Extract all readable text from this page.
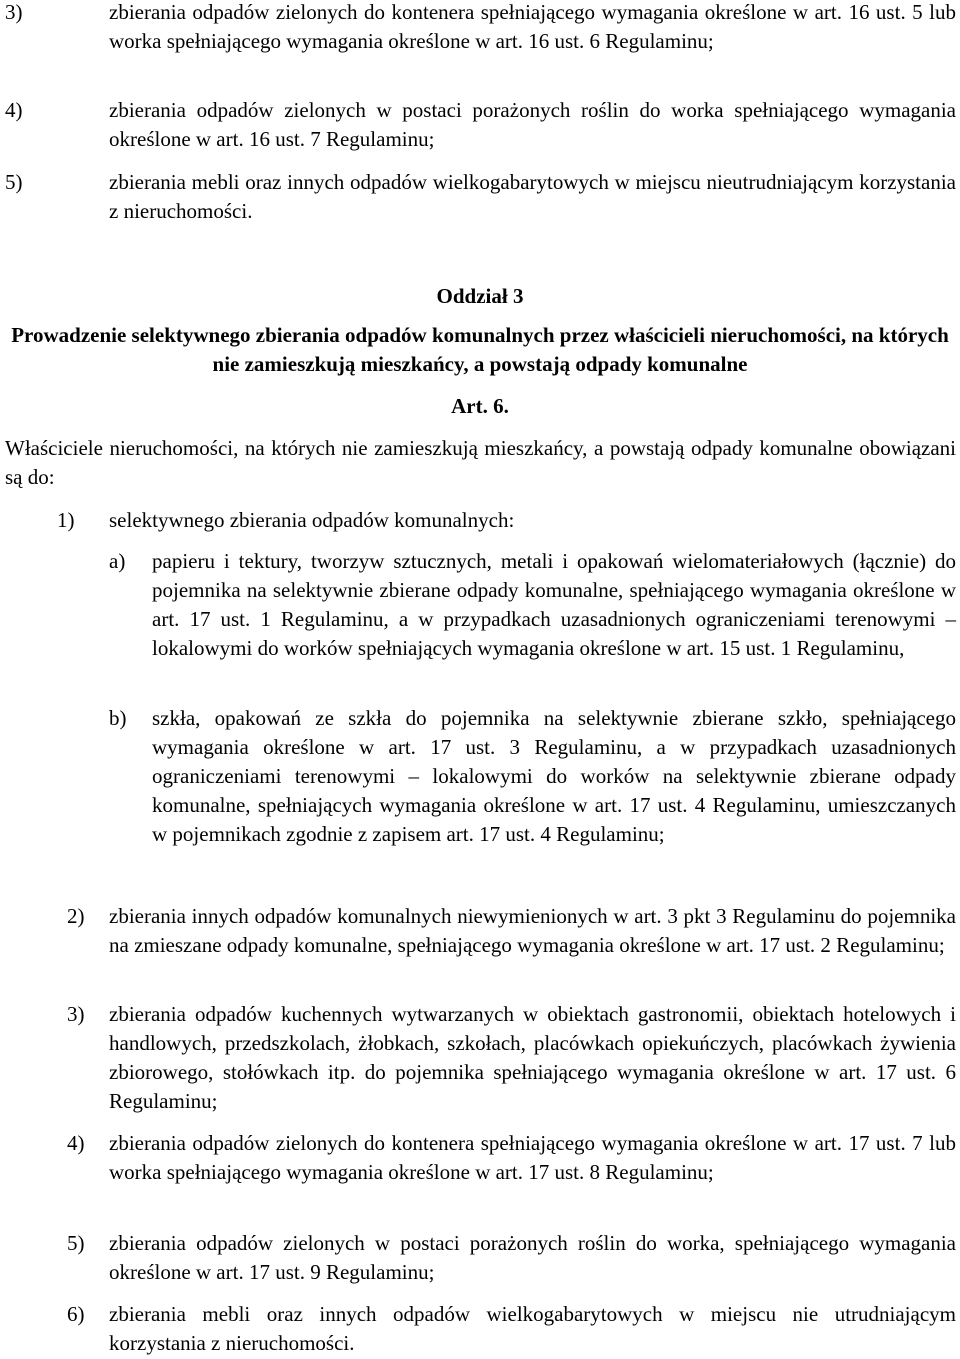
3)	zbierania odpadów zielonych do kontenera spełniającego wymagania określone w art. 16 ust. 5 lub worka spełniającego wymagania określone w art. 16 ust. 6 Regulaminu;

4)	zbierania odpadów zielonych w postaci porażonych roślin do worka spełniającego wymagania określone w art. 16 ust. 7 Regulaminu;

5)	zbierania mebli oraz innych odpadów wielkogabarytowych w miejscu nieutrudniającym korzystania z nieruchomości.

Oddział 3

Prowadzenie selektywnego zbierania odpadów komunalnych przez właścicieli nieruchomości, na których nie zamieszkują mieszkańcy, a powstają odpady komunalne

Art. 6.

Właściciele nieruchomości, na których nie zamieszkują mieszkańcy, a powstają odpady komunalne obowiązani są do:

1) selektywnego zbierania odpadów komunalnych:

a) papieru i tektury, tworzyw sztucznych, metali i opakowań wielomateriałowych (łącznie) do pojemnika na selektywnie zbierane odpady komunalne, spełniającego wymagania określone w art. 17 ust. 1 Regulaminu, a w przypadkach uzasadnionych ograniczeniami terenowymi – lokalowymi do worków spełniających wymagania określone w art. 15 ust. 1 Regulaminu,

b) szkła, opakowań ze szkła do pojemnika na selektywnie zbierane szkło, spełniającego wymagania określone w art. 17 ust. 3 Regulaminu, a w przypadkach uzasadnionych ograniczeniami terenowymi – lokalowymi do worków na selektywnie zbierane odpady komunalne, spełniających wymagania określone w art. 17 ust. 4 Regulaminu, umieszczanych w pojemnikach zgodnie z zapisem art. 17 ust. 4 Regulaminu;

2) zbierania innych odpadów komunalnych niewymienionych w art. 3 pkt 3 Regulaminu do pojemnika na zmieszane odpady komunalne, spełniającego wymagania określone w art. 17 ust. 2 Regulaminu;

3) zbierania odpadów kuchennych wytwarzanych w obiektach gastronomii, obiektach hotelowych i handlowych, przedszkolach, żłobkach, szkołach, placówkach opiekuńczych, placówkach żywienia zbiorowego, stołówkach itp. do pojemnika spełniającego wymagania określone w art. 17 ust. 6 Regulaminu;

4) zbierania odpadów zielonych do kontenera spełniającego wymagania określone w art. 17 ust. 7 lub worka spełniającego wymagania określone w art. 17 ust. 8 Regulaminu;

5) zbierania odpadów zielonych w postaci porażonych roślin do worka, spełniającego wymagania określone w art. 17 ust. 9 Regulaminu;

6) zbierania mebli oraz innych odpadów wielkogabarytowych w miejscu nie utrudniającym korzystania z nieruchomości.
